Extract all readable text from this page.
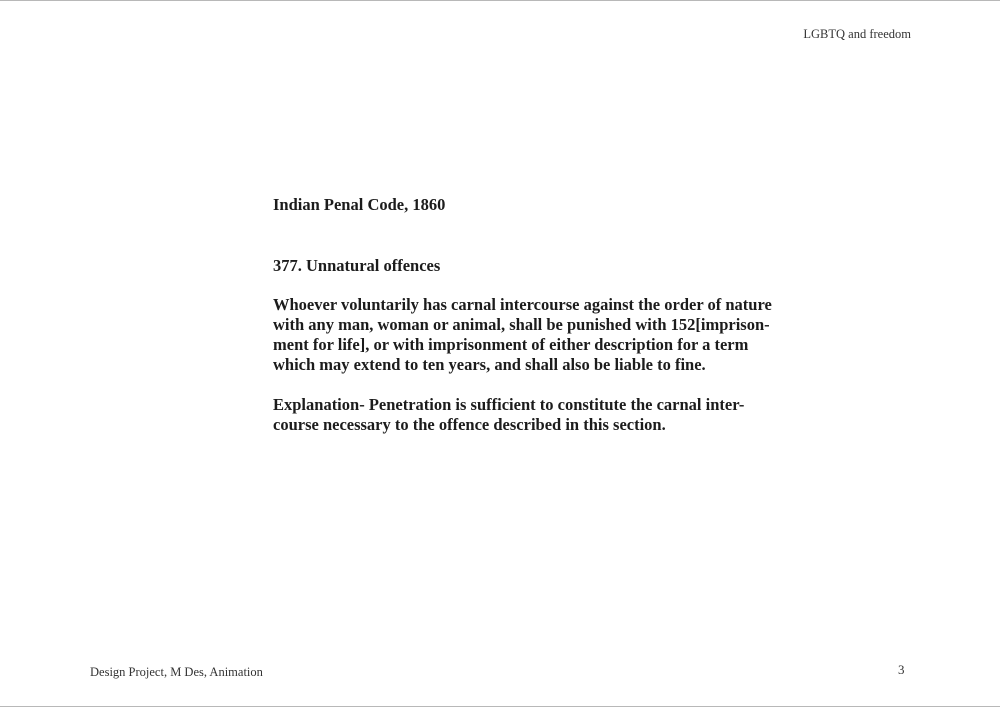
LGBTQ and freedom
Indian Penal Code, 1860
377. Unnatural offences

Whoever voluntarily has carnal intercourse against the order of nature
with any man, woman or animal, shall be punished with 152[imprison-
ment for life], or with imprisonment of either description for a term
which may extend to ten years, and shall also be liable to fine.

Explanation- Penetration is sufficient to constitute the carnal inter-
course necessary to the offence described in this section.

Design Project, M Des, Animation	3
